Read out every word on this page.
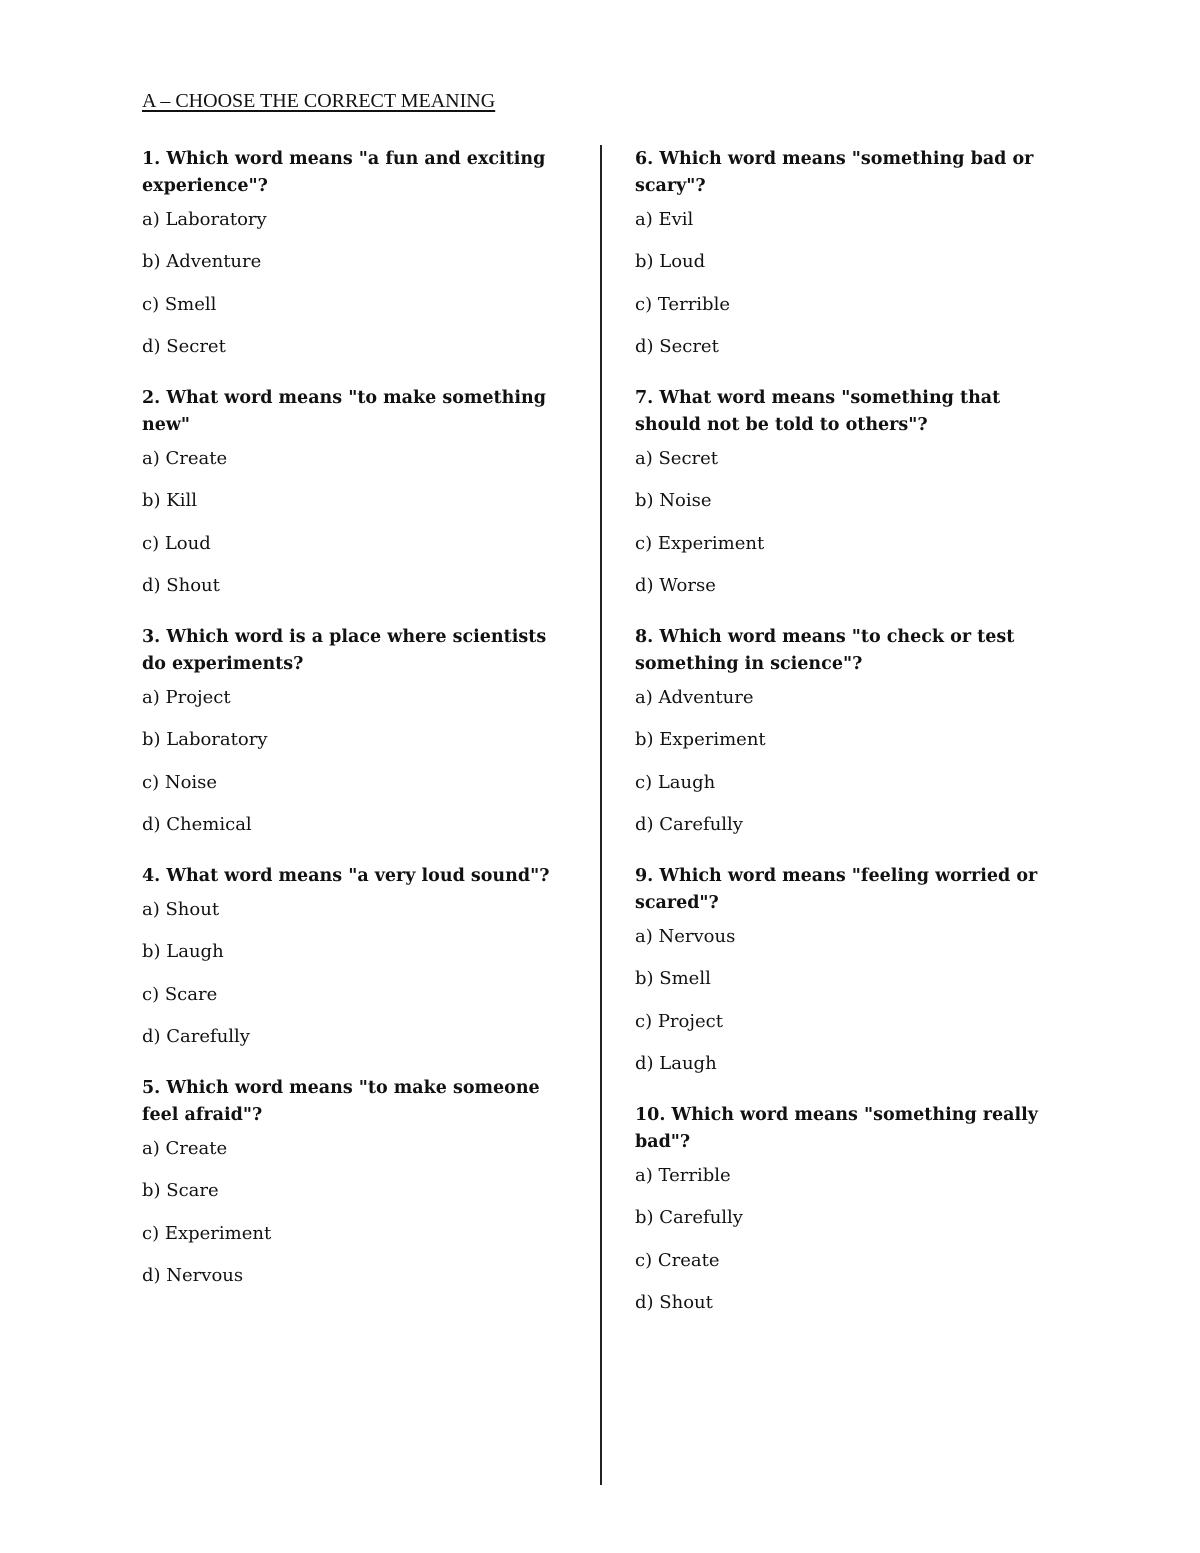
A – CHOOSE THE CORRECT MEANING

1. Which word means "a fun and exciting experience"?

a) Laboratory

b) Adventure

c) Smell

d) Secret

2. What word means "to make something new"

a) Create

b) Kill

c) Loud

d) Shout

3. Which word is a place where scientists do experiments?

a) Project

b) Laboratory

c) Noise

d) Chemical

4. What word means "a very loud sound"?

a) Shout

b) Laugh

c) Scare

d) Carefully

5. Which word means "to make someone feel afraid"?

a) Create

b) Scare

c) Experiment

d) Nervous

6. Which word means "something bad or scary"?

a) Evil

b) Loud

c) Terrible

d) Secret

7. What word means "something that should not be told to others"?

a) Secret

b) Noise

c) Experiment

d) Worse

8. Which word means "to check or test something in science"?

a) Adventure

b) Experiment

c) Laugh

d) Carefully

9. Which word means "feeling worried or scared"?

a) Nervous

b) Smell

c) Project

d) Laugh

10. Which word means "something really bad"?

a) Terrible

b) Carefully

c) Create

d) Shout
